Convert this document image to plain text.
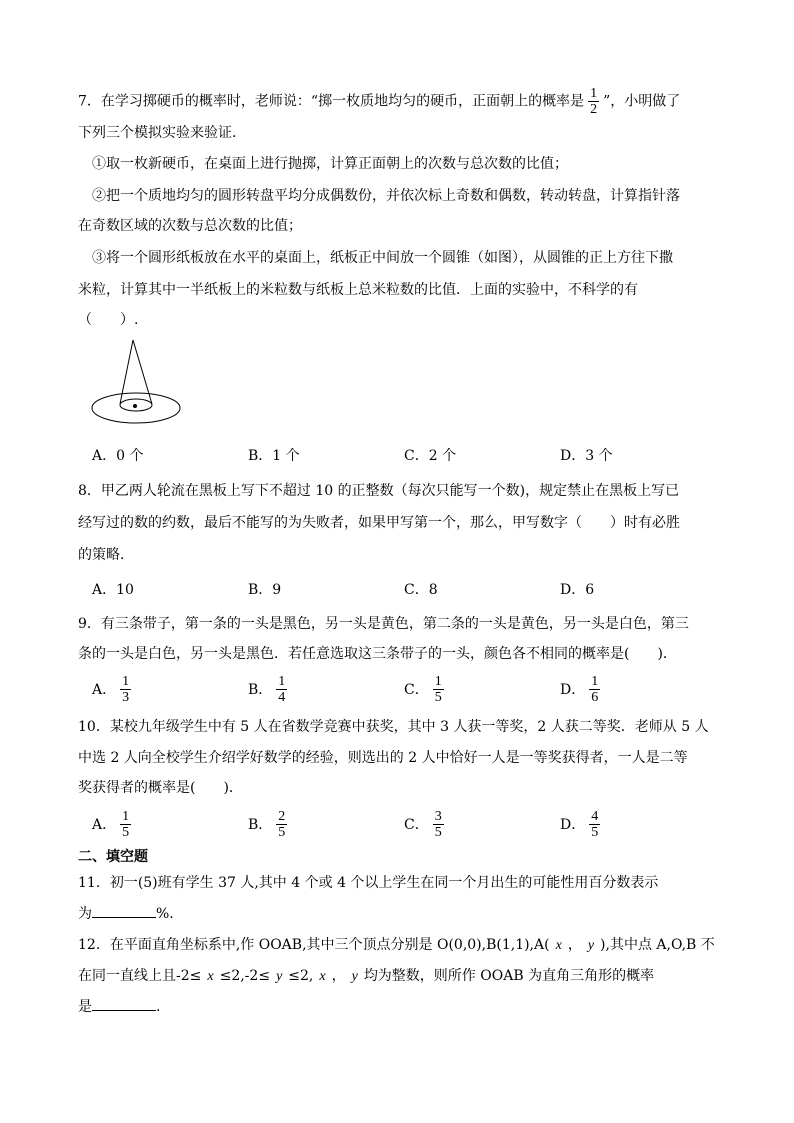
7．在学习掷硬币的概率时，老师说：“掷一枚质地均匀的硬币，正面朝上的概率是 $\frac{1}{2}$ ”，小明做了
下列三个模拟实验来验证．
①取一枚新硬币，在桌面上进行抛掷，计算正面朝上的次数与总次数的比值；
②把一个质地均匀的圆形转盘平均分成偶数份，并依次标上奇数和偶数，转动转盘，计算指针落
在奇数区域的次数与总次数的比值；
③将一个圆形纸板放在水平的桌面上，纸板正中间放一个圆锥（如图），从圆锥的正上方往下撒
米粒，计算其中一半纸板上的米粒数与纸板上总米粒数的比值．上面的实验中，不科学的有
（　　）.
A．0 个	B．1 个	C．2 个	D．3 个
8．甲乙两人轮流在黑板上写下不超过 10 的正整数（每次只能写一个数)，规定禁止在黑板上写已
经写过的数的约数，最后不能写的为失败者，如果甲写第一个，那么，甲写数字（　　）时有必胜
的策略．
A．10	B．9	C．8	D．6
9．有三条带子，第一条的一头是黑色，另一头是黄色，第二条的一头是黄色，另一头是白色，第三
条的一头是白色，另一头是黑色．若任意选取这三条带子的一头，颜色各不相同的概率是(　　)．
A． $\frac{1}{3}$	B． $\frac{1}{4}$	C． $\frac{1}{5}$	D． $\frac{1}{6}$
10．某校九年级学生中有 5 人在省数学竞赛中获奖，其中 3 人获一等奖，2 人获二等奖．老师从 5 人
中选 2 人向全校学生介绍学好数学的经验，则选出的 2 人中恰好一人是一等奖获得者，一人是二等
奖获得者的概率是(　　)．
A． $\frac{1}{5}$	B． $\frac{2}{5}$	C． $\frac{3}{5}$	D． $\frac{4}{5}$
二、填空题
11．初一(5)班有学生 37 人,其中 4 个或 4 个以上学生在同一个月出生的可能性用百分数表示
为	%.
12．在平面直角坐标系中,作 OOAB,其中三个顶点分别是 O(0,0),B(1,1),A( x ， y ),其中点 A,O,B 不
在同一直线上且-2≤ x ≤2,-2≤ y ≤2, x ， y 均为整数，则所作 OOAB 为直角三角形的概率
是	.
